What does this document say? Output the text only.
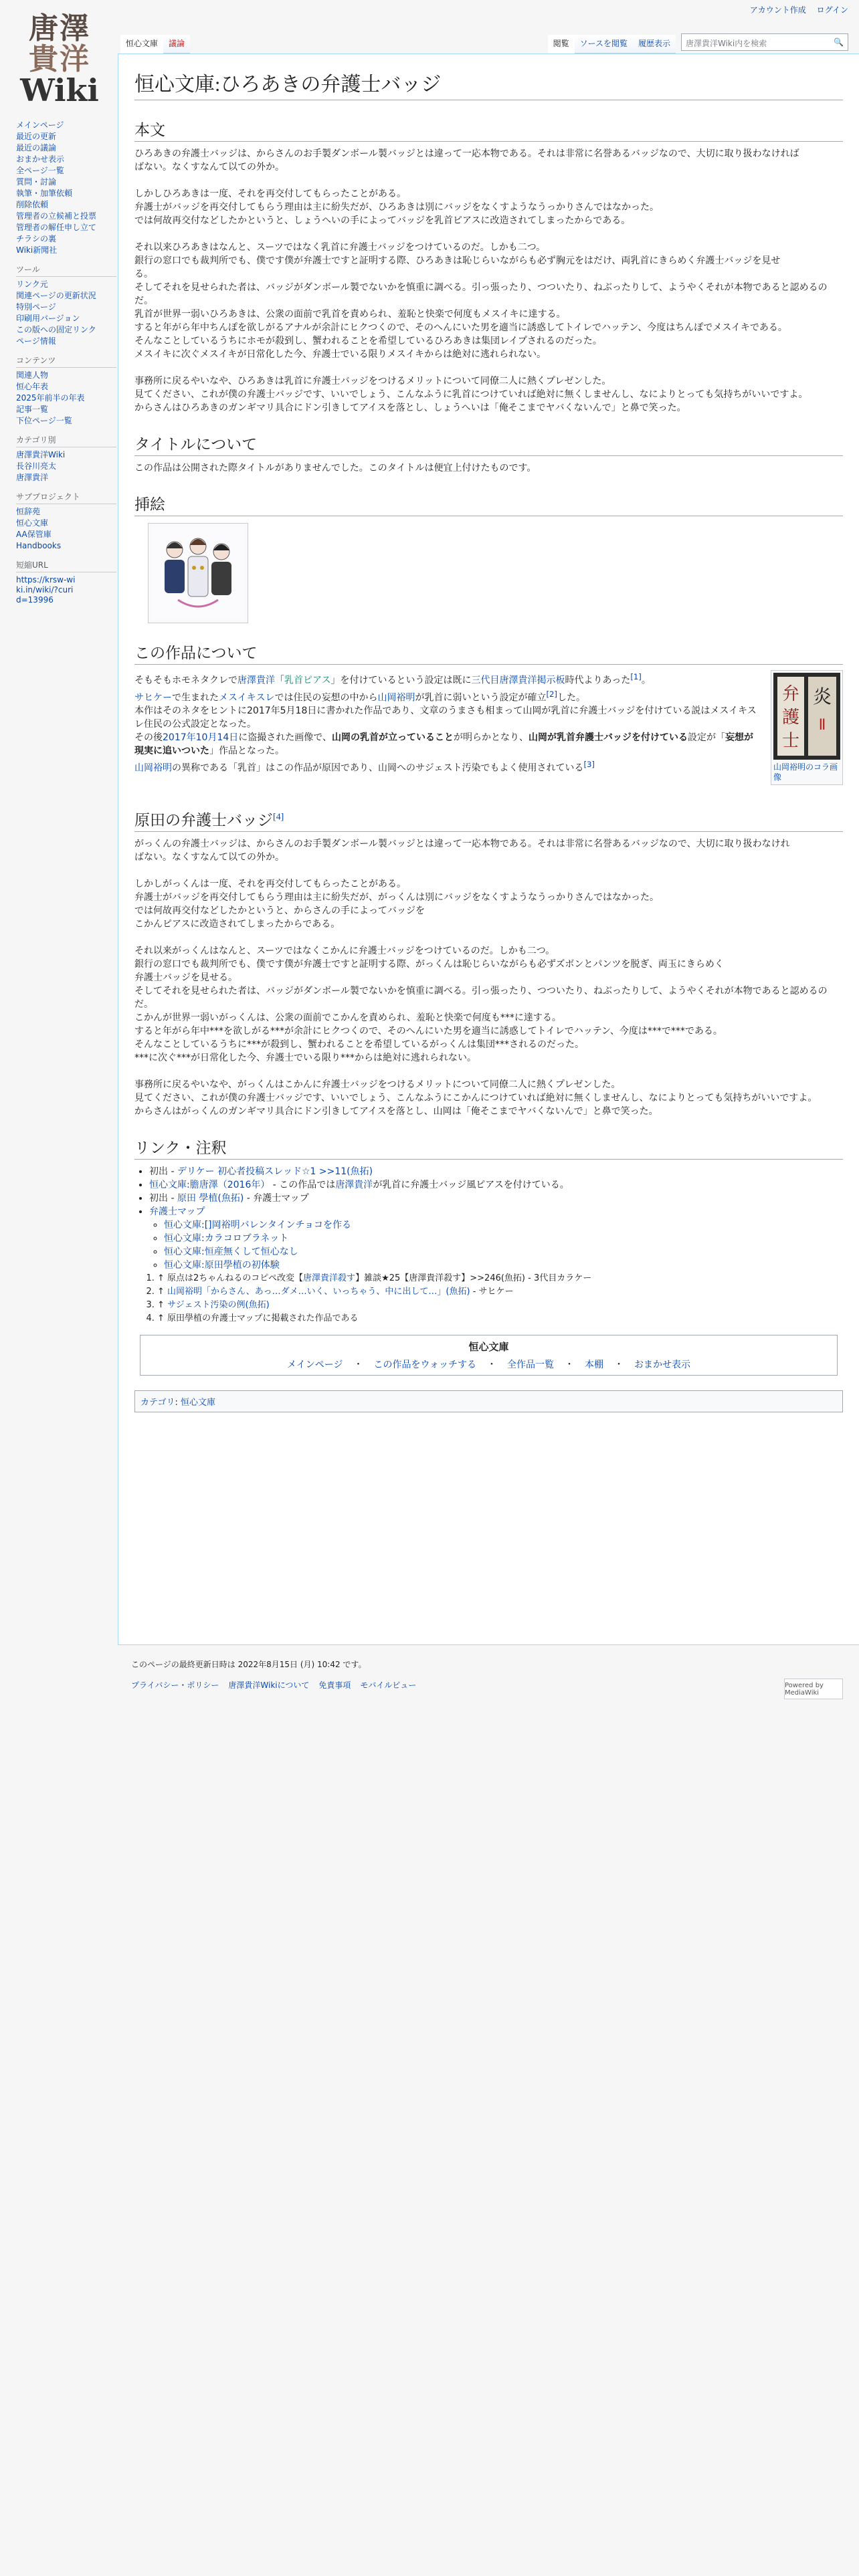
アカウント作成 ログイン
唐澤
貴洋
Wiki
メインページ
最近の更新
最近の議論
おまかせ表示
全ページ一覧
質問・討論
執筆・加筆依頼
削除依頼
管理者の立候補と投票
管理者の解任申し立て
チラシの裏
Wiki新聞社
ツール
リンク元
関連ページの更新状況
特別ページ
印刷用バージョン
この版への固定リンク
ページ情報
コンテンツ
関連人物
恒心年表
2025年前半の年表
記事一覧
下位ページ一覧
カテゴリ別
唐澤貴洋Wiki
長谷川亮太
唐澤貴洋
サブプロジェクト
恒辞苑
恒心文庫
AA保管庫
Handbooks
短縮URL
https://krsw-wiki.in/wiki/?curid=13996
恒心文庫	議論	閲覧	ソースを閲覧	履歴表示	唐澤貴洋Wiki内を検索	🔍
恒心文庫:ひろあきの弁護士バッジ
本文

ひろあきの弁護士バッジは、からさんのお手製ダンボール製バッジとは違って一応本物である。それは非常に名誉あるバッジなので、大切に取り扱わなければ

ばない。なくすなんて以ての外か。

しかしひろあきは一度、それを再交付してもらったことがある。

弁護士がバッジを再交付してもらう理由は主に紛失だが、ひろあきは別にバッジをなくすようなうっかりさんではなかった。

では何故再交付などしたかというと、しょうへいの手によってバッジを乳首ピアスに改造されてしまったからである。

それ以来ひろあきはなんと、スーツではなく乳首に弁護士バッジをつけているのだ。しかも二つ。

銀行の窓口でも裁判所でも、僕です僕が弁護士ですと証明する際、ひろあきは恥じらいながらも必ず胸元をはだけ、両乳首にきらめく弁護士バッジを見せ

る。

そしてそれを見せられた者は、バッジがダンボール製でないかを慎重に調べる。引っ張ったり、つついたり、ねぶったりして、ようやくそれが本物であると認めるのだ。

乳首が世界一弱いひろあきは、公衆の面前で乳首を責められ、羞恥と快楽で何度もメスイキに達する。

すると年がら年中ちんぽを欲しがるアナルが余計にヒクつくので、そのへんにいた男を適当に誘惑してトイレでハッテン、今度はちんぽでメスイキである。

そんなことしているうちにホモが殺到し、蟹われることを希望しているひろあきは集団レイプされるのだった。

メスイキに次ぐメスイキが日常化した今、弁護士でいる限りメスイキからは絶対に逃れられない。

事務所に戻るやいなや、ひろあきは乳首に弁護士バッジをつけるメリットについて同僚二人に熱くプレゼンした。

見てください、これが僕の弁護士バッジです、いいでしょう、こんなふうに乳首につけていれば絶対に無くしませんし、なによりとっても気持ちがいいですよ。

からさんはひろあきのガンギマリ具合にドン引きしてアイスを落とし、しょうへいは「俺そこまでヤバくないんで」と鼻で笑った。

タイトルについて

この作品は公開された際タイトルがありませんでした。このタイトルは便宜上付けたものです。

挿絵
この作品について
弁
護
士
炎
Ⅱ
山岡裕明のコラ画像

そもそもホモネタクレで唐澤貴洋「乳首ピアス」を付けているという設定は既に三代目唐澤貴洋掲示板時代よりあった[1]。

サヒケーで生まれたメスイキスレでは住民の妄想の中から山岡裕明が乳首に弱いという設定が確立[2]した。

本作はそのネタをヒントに2017年5月18日に書かれた作品であり、文章のうまさも相まって山岡が乳首に弁護士バッジを付けている説はメスイキスレ住民の公式設定となった。

その後2017年10月14日に盗撮された画像で、山岡の乳首が立っていることが明らかとなり、山岡が乳首弁護士バッジを付けている設定が「妄想が現実に追いついた」作品となった。

山岡裕明の異称である「乳首」はこの作品が原因であり、山岡へのサジェスト汚染でもよく使用されている[3]

原田の弁護士バッジ[4]

がっくんの弁護士バッジは、からさんのお手製ダンボール製バッジとは違って一応本物である。それは非常に名誉あるバッジなので、大切に取り扱わなけれ

ばない。なくすなんて以ての外か。

しかしがっくんは一度、それを再交付してもらったことがある。

弁護士がバッジを再交付してもらう理由は主に紛失だが、がっくんは別にバッジをなくすようなうっかりさんではなかった。

では何故再交付などしたかというと、からさんの手によってバッジを

こかんピアスに改造されてしまったからである。

それ以来がっくんはなんと、スーツではなくこかんに弁護士バッジをつけているのだ。しかも二つ。

銀行の窓口でも裁判所でも、僕です僕が弁護士ですと証明する際、がっくんは恥じらいながらも必ずズボンとパンツを脱ぎ、両玉にきらめく

弁護士バッジを見せる。

そしてそれを見せられた者は、バッジがダンボール製でないかを慎重に調べる。引っ張ったり、つついたり、ねぶったりして、ようやくそれが本物であると認めるのだ。

こかんが世界一弱いがっくんは、公衆の面前でこかんを責められ、羞恥と快楽で何度も***に達する。

すると年がら年中***を欲しがる***が余計にヒクつくので、そのへんにいた男を適当に誘惑してトイレでハッテン、今度は***で***である。

そんなことしているうちに***が殺到し、蟹われることを希望しているがっくんは集団***されるのだった。

***に次ぐ***が日常化した今、弁護士でいる限り***からは絶対に逃れられない。

事務所に戻るやいなや、がっくんはこかんに弁護士バッジをつけるメリットについて同僚二人に熱くプレゼンした。

見てください、これが僕の弁護士バッジです、いいでしょう、こんなふうにこかんにつけていれば絶対に無くしませんし、なによりとっても気持ちがいいですよ。

からさんはがっくんのガンギマリ具合にドン引きしてアイスを落とし、山岡は「俺そこまでヤバくないんで」と鼻で笑った。

リンク・注釈
• 初出 - デリケー 初心者投稿スレッド☆1 >>11(魚拓)
• 恒心文庫:膽唐澤（2016年） - この作品では唐澤貴洋が乳首に弁護士バッジ風ピアスを付けている。
• 初出 - 原田 學植(魚拓) - 弁護士マップ
• 弁護士マップ
◦ 恒心文庫:[]岡裕明バレンタインチョコを作る
◦ 恒心文庫:カラコロブラネット
◦ 恒心文庫:恒産無くして恒心なし
◦ 恒心文庫:原田學植の初体験
1. ↑ 原点は2ちゃんねるのコピペ改変【唐澤貴洋殺す】雑談★25【唐澤貴洋殺す】>>246(魚拓) - 3代目カラケー
2. ↑ 山岡裕明「からさん、あっ…ダメ…いく、いっちゃう、中に出して…」(魚拓) - サヒケー
3. ↑ サジェスト汚染の例(魚拓)
4. ↑ 原田學植の弁護士マップに掲載された作品である
恒心文庫
メインページ ・ この作品をウォッチする ・ 全作品一覧 ・ 本棚 ・ おまかせ表示
カテゴリ: 恒心文庫
このページの最終更新日時は 2022年8月15日 (月) 10:42 です。
プライバシー・ポリシー 唐澤貴洋Wikiについて 免責事項 モバイルビュー	Powered by MediaWiki
